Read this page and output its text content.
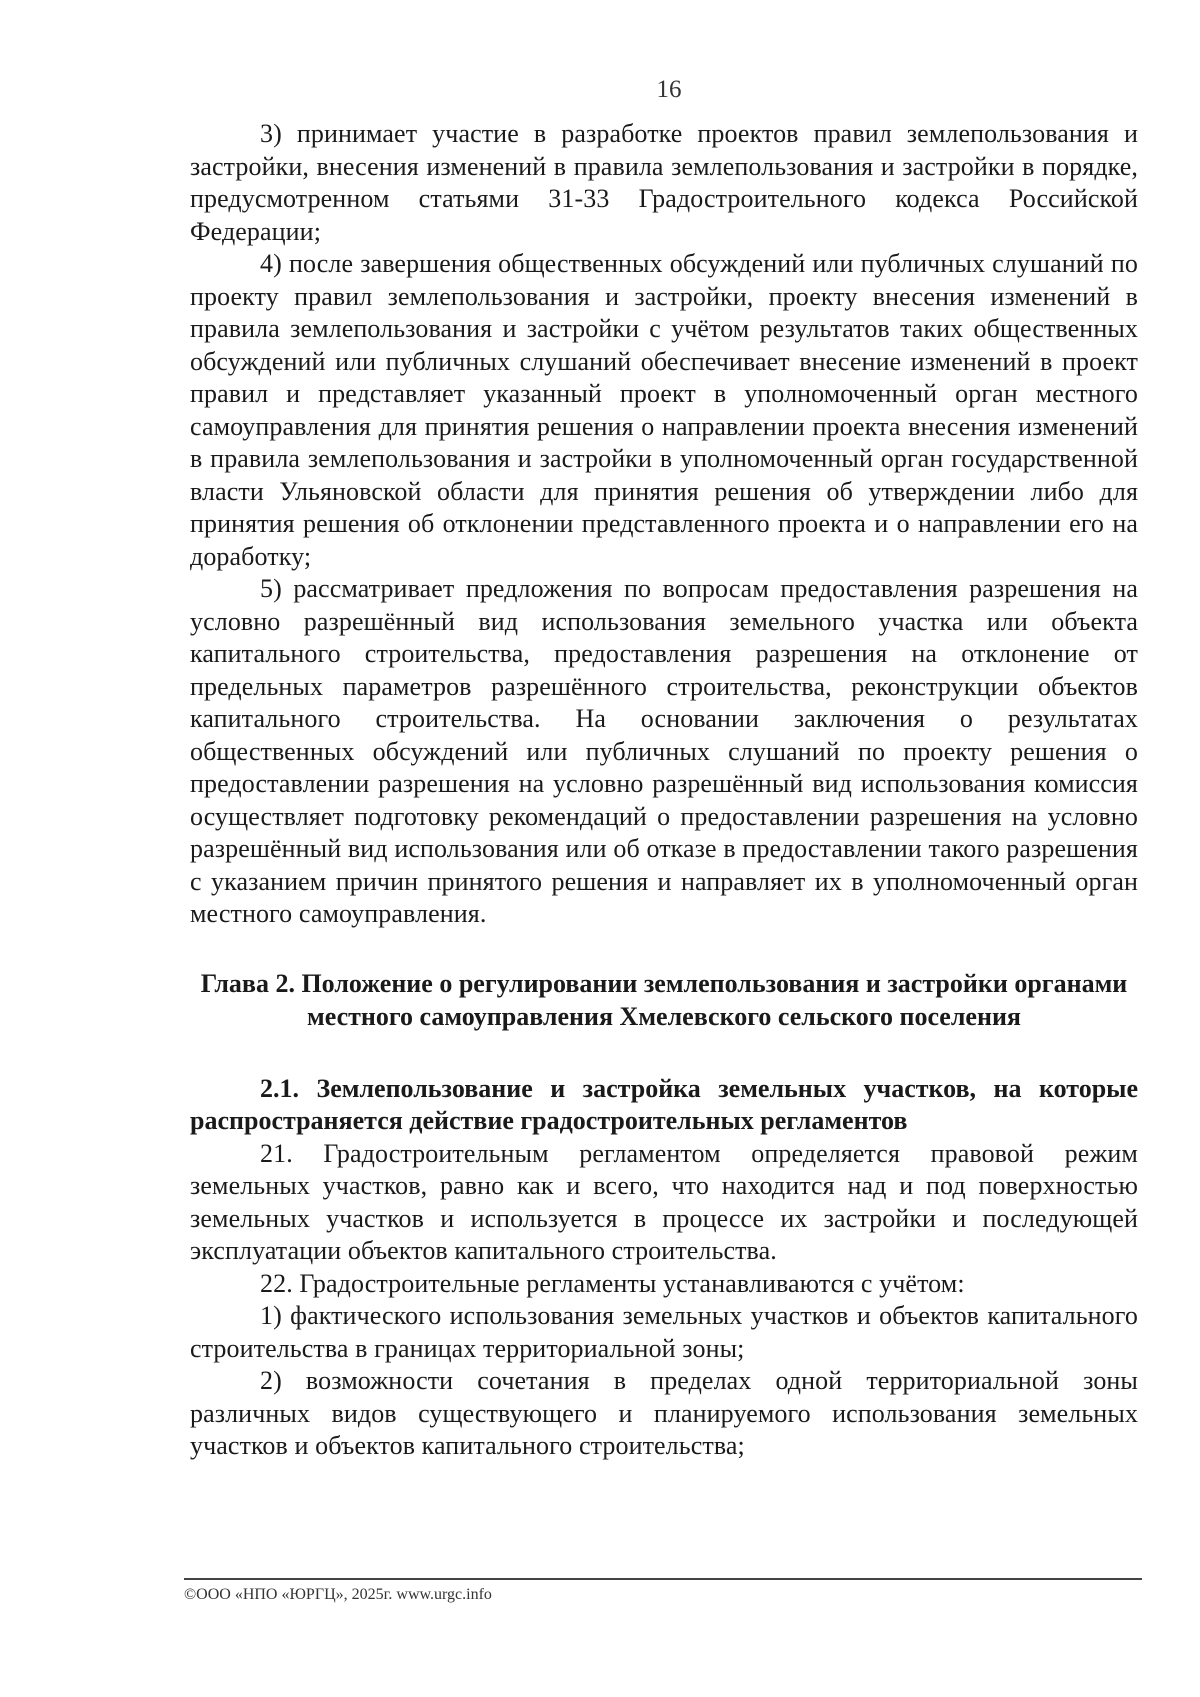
16

3) принимает участие в разработке проектов правил землепользования и застройки, внесения изменений в правила землепользования и застройки в порядке, предусмотренном статьями 31-33 Градостроительного кодекса Российской Федерации;

4) после завершения общественных обсуждений или публичных слушаний по проекту правил землепользования и застройки, проекту внесения изменений в правила землепользования и застройки с учётом результатов таких общественных обсуждений или публичных слушаний обеспечивает внесение изменений в проект правил и представляет указанный проект в уполномоченный орган местного самоуправления для принятия решения о направлении проекта внесения изменений в правила землепользования и застройки в уполномоченный орган государственной власти Ульяновской области для принятия решения об утверждении либо для принятия решения об отклонении представленного проекта и о направлении его на доработку;

5) рассматривает предложения по вопросам предоставления разрешения на условно разрешённый вид использования земельного участка или объекта капитального строительства, предоставления разрешения на отклонение от предельных параметров разрешённого строительства, реконструкции объектов капитального строительства. На основании заключения о результатах общественных обсуждений или публичных слушаний по проекту решения о предоставлении разрешения на условно разрешённый вид использования комиссия осуществляет подготовку рекомендаций о предоставлении разрешения на условно разрешённый вид использования или об отказе в предоставлении такого разрешения с указанием причин принятого решения и направляет их в уполномоченный орган местного самоуправления.

Глава 2. Положение о регулировании землепользования и застройки органами местного самоуправления Хмелевского сельского поселения
2.1. Землепользование и застройка земельных участков, на которые распространяется действие градостроительных регламентов

21. Градостроительным регламентом определяется правовой режим земельных участков, равно как и всего, что находится над и под поверхностью земельных участков и используется в процессе их застройки и последующей эксплуатации объектов капитального строительства.

22. Градостроительные регламенты устанавливаются с учётом:

1) фактического использования земельных участков и объектов капитального строительства в границах территориальной зоны;

2) возможности сочетания в пределах одной территориальной зоны различных видов существующего и планируемого использования земельных участков и объектов капитального строительства;

©ООО «НПО «ЮРГЦ», 2025г. www.urgc.info
